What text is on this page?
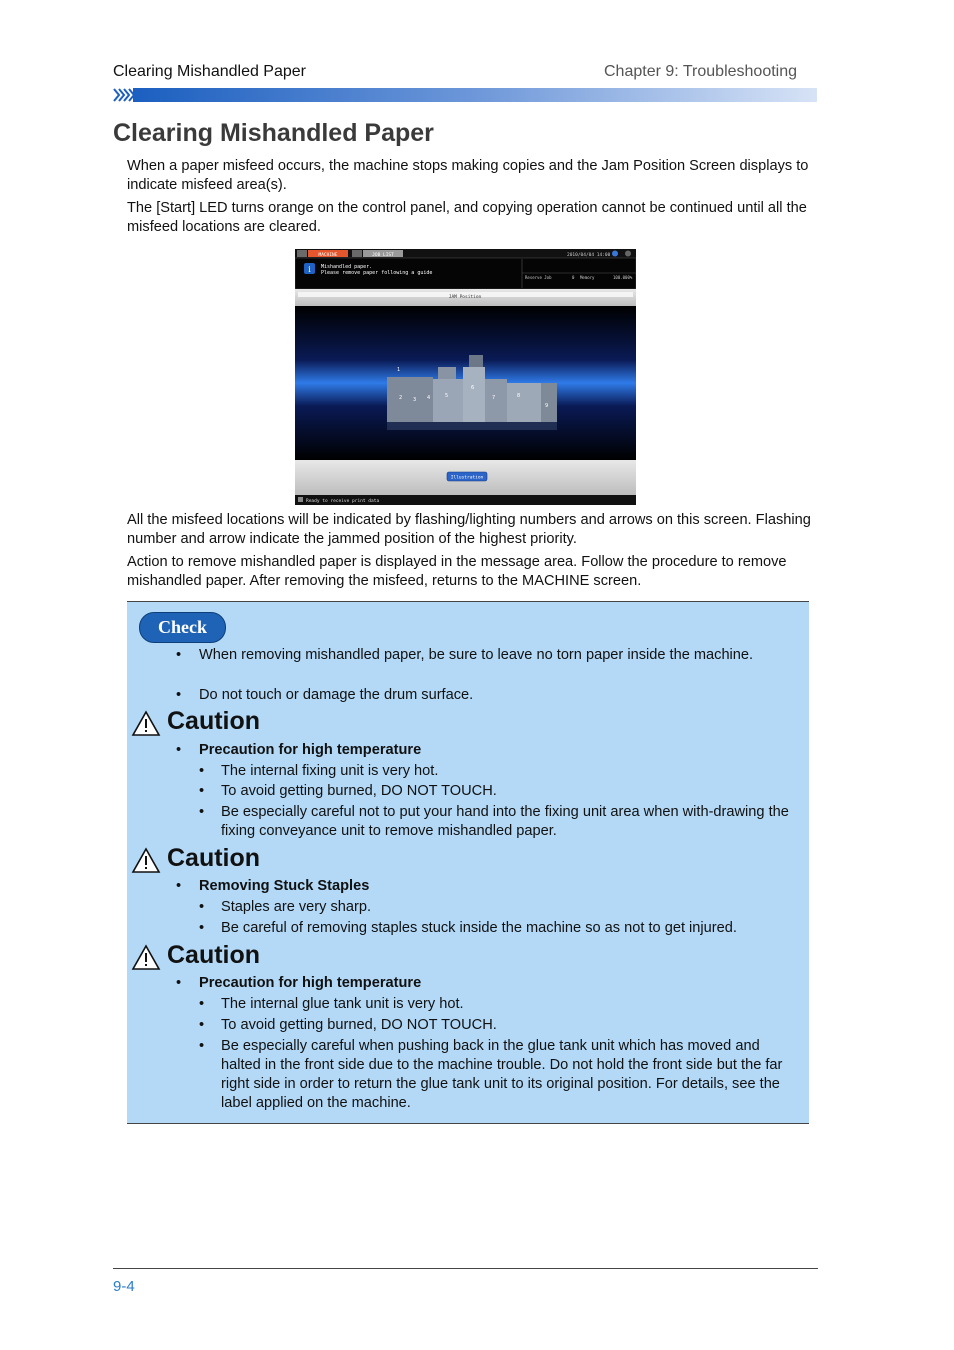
Clearing Mishandled Paper	Chapter 9: Troubleshooting
Clearing Mishandled Paper

When a paper misfeed occurs, the machine stops making copies and the Jam Position Screen displays to indicate misfeed area(s).

The [Start] LED turns orange on the control panel, and copying operation cannot be continued until all the misfeed locations are cleared.

MACHINE	JOB LIST	2010/04/04 14:00
i Mishandled paper.
Please remove paper following a guide
Reserve Job	0 Memory	100.000%
JAM Position
1
2 3 4	5
6
7	8
9
Illustration
Ready to receive print data

All the misfeed locations will be indicated by flashing/lighting numbers and arrows on this screen. Flashing number and arrow indicate the jammed position of the highest priority.

Action to remove mishandled paper is displayed in the message area. Follow the procedure to remove mishandled paper. After removing the misfeed, returns to the MACHINE screen.

Check
• When removing mishandled paper, be sure to leave no torn paper inside the machine.
• Do not touch or damage the drum surface.
Caution
• Precaution for high temperature
• The internal fixing unit is very hot.
• To avoid getting burned, DO NOT TOUCH.
• Be especially careful not to put your hand into the fixing unit area when with-drawing the fixing conveyance unit to remove mishandled paper.
Caution
• Removing Stuck Staples
• Staples are very sharp.
• Be careful of removing staples stuck inside the machine so as not to get injured.
Caution
• Precaution for high temperature
• The internal glue tank unit is very hot.
• To avoid getting burned, DO NOT TOUCH.
• Be especially careful when pushing back in the glue tank unit which has moved and halted in the front side due to the machine trouble. Do not hold the front side but the far right side in order to return the glue tank unit to its original position. For details, see the label applied on the machine.
9-4
